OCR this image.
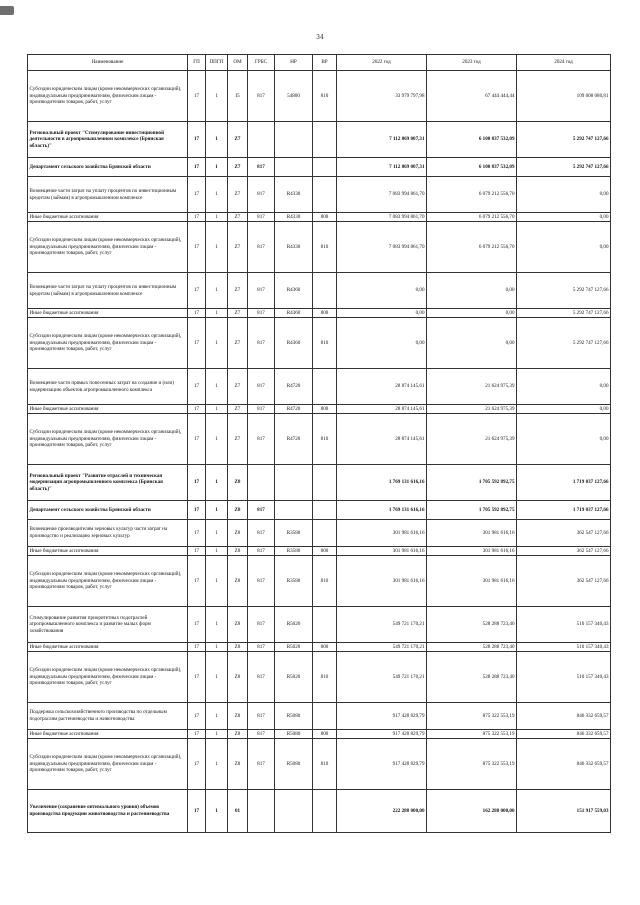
34
Наименование	ГП	ППГП	ОМ	ГРБС	НР	ВР	2022 год	2023 год	2024 год
Субсидии юридическим лицам (кроме некоммерческих организаций), индивидуальным предпринимателям, физическим лицам - производителям товаров, работ, услуг	17	1	I5	817	54800	810	33 979 797,98	67 444 444,44	109 008 080,81
Региональный проект "Стимулирование инвестиционной деятельности в агропромышленном комплексе (Брянская область)"	17	1	Z7				7 112 869 007,31	6 100 837 532,09	5 292 747 127,66
Департамент сельского хозяйства Брянской области	17	1	Z7	817			7 112 869 007,31	6 100 837 532,09	5 292 747 127,66
Возмещение части затрат на уплату процентов по инвестиционным кредитам (займам) в агропромышленном комплексе	17	1	Z7	817	R4330		7 083 994 861,70	6 079 212 556,70	0,00
Иные бюджетные ассигнования	17	1	Z7	817	R4330	800	7 083 994 861,70	6 079 212 556,70	0,00
Субсидии юридическим лицам (кроме некоммерческих организаций), индивидуальным предпринимателям, физическим лицам - производителям товаров, работ, услуг	17	1	Z7	817	R4330	810	7 083 994 861,70	6 079 212 556,70	0,00
Возмещение части затрат на уплату процентов по инвестиционным кредитам (займам) в агропромышленном комплексе	17	1	Z7	817	R4360		0,00	0,00	5 292 747 127,66
Иные бюджетные ассигнования	17	1	Z7	817	R4360	800	0,00	0,00	5 292 747 127,66
Субсидии юридическим лицам (кроме некоммерческих организаций), индивидуальным предпринимателям, физическим лицам - производителям товаров, работ, услуг	17	1	Z7	817	R4360	810	0,00	0,00	5 292 747 127,66
Возмещение части прямых понесенных затрат на создание и (или) модернизацию объектов агропромышленного комплекса	17	1	Z7	817	R4720		28 874 145,61	21 624 975,39	0,00
Иные бюджетные ассигнования	17	1	Z7	817	R4720	800	28 874 145,61	21 624 975,39	0,00
Субсидии юридическим лицам (кроме некоммерческих организаций), индивидуальным предпринимателям, физическим лицам - производителям товаров, работ, услуг	17	1	Z7	817	R4720	810	28 874 145,61	21 624 975,39	0,00
Региональный проект "Развитие отраслей и техническая модернизация агропромышленного комплекса (Брянская область)"	17	1	Z8				1 769 131 616,16	1 705 592 892,75	1 719 037 127,66
Департамент сельского хозяйства Брянской области	17	1	Z8	817			1 769 131 616,16	1 705 592 892,75	1 719 037 127,66
Возмещение производителям зерновых культур части затрат на производство и реализацию зерновых культур	17	1	Z8	817	R3580		301 981 616,16	301 981 616,16	362 547 127,66
Иные бюджетные ассигнования	17	1	Z8	817	R3580	800	301 981 616,16	301 981 616,16	362 547 127,66
Субсидии юридическим лицам (кроме некоммерческих организаций), индивидуальным предпринимателям, физическим лицам - производителям товаров, работ, услуг	17	1	Z8	817	R3580	810	301 981 616,16	301 981 616,16	362 547 127,66
Стимулирование развития приоритетных подотраслей агропромышленного комплекса и развитие малых форм хозяйствования	17	1	Z8	817	R5020		549 721 170,21	528 288 723,40	510 157 340,43
Иные бюджетные ассигнования	17	1	Z8	817	R5020	800	549 721 170,21	528 288 723,40	510 157 340,43
Субсидии юридическим лицам (кроме некоммерческих организаций), индивидуальным предпринимателям, физическим лицам - производителям товаров, работ, услуг	17	1	Z8	817	R5020	810	549 721 170,21	528 288 723,40	510 157 340,43
Поддержка сельскохозяйственного производства по отдельным подотраслям растениеводства и животноводства	17	1	Z8	817	R5080		917 428 829,79	875 322 553,19	846 332 659,57
Иные бюджетные ассигнования	17	1	Z8	817	R5080	800	917 428 829,79	875 322 553,19	846 332 659,57
Субсидии юридическим лицам (кроме некоммерческих организаций), индивидуальным предпринимателям, физическим лицам - производителям товаров, работ, услуг	17	1	Z8	817	R5080	810	917 428 829,79	875 322 553,19	846 332 659,57
Увеличение (сохранение оптимального уровня) объемов производства продукции животноводства и растениеводства	17	1	01				222 288 000,00	162 288 000,00	151 917 559,03
